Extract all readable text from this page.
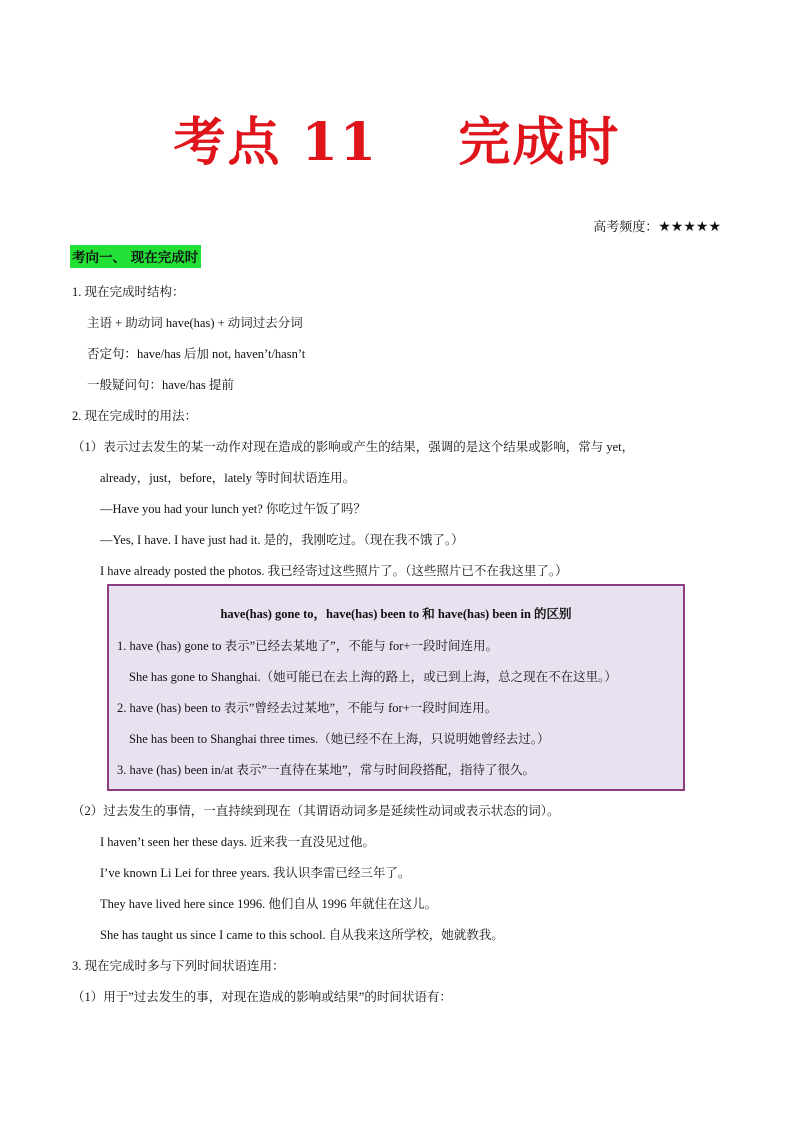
考点 11    完成时
高考频度：★★★★★
考向一、 现在完成时
1. 现在完成时结构：
主语 + 助动词 have(has) + 动词过去分词
否定句：have/has 后加 not, haven’t/hasn’t
一般疑问句：have/has 提前
2. 现在完成时的用法：
（1）表示过去发生的某一动作对现在造成的影响或产生的结果，强调的是这个结果或影响，常与 yet，
already，just，before，lately 等时间状语连用。
—Have you had your lunch yet? 你吃过午饭了吗？
—Yes, I have. I have just had it. 是的，我刚吃过。（现在我不饿了。）
I have already posted the photos. 我已经寄过这些照片了。（这些照片已不在我这里了。）
have(has) gone to，have(has) been to 和 have(has) been in 的区别
1. have (has) gone to 表示”已经去某地了”，不能与 for+一段时间连用。
She has gone to Shanghai.（她可能已在去上海的路上，或已到上海，总之现在不在这里。）
2. have (has) been to 表示”曾经去过某地”，不能与 for+一段时间连用。
She has been to Shanghai three times.（她已经不在上海，只说明她曾经去过。）
3. have (has) been in/at 表示”一直待在某地”，常与时间段搭配，指待了很久。
（2）过去发生的事情，一直持续到现在（其谓语动词多是延续性动词或表示状态的词）。
I haven’t seen her these days. 近来我一直没见过他。
I’ve known Li Lei for three years. 我认识李雷已经三年了。
They have lived here since 1996. 他们自从 1996 年就住在这儿。
She has taught us since I came to this school. 自从我来这所学校，她就教我。
3. 现在完成时多与下列时间状语连用：
（1）用于”过去发生的事，对现在造成的影响或结果”的时间状语有：
